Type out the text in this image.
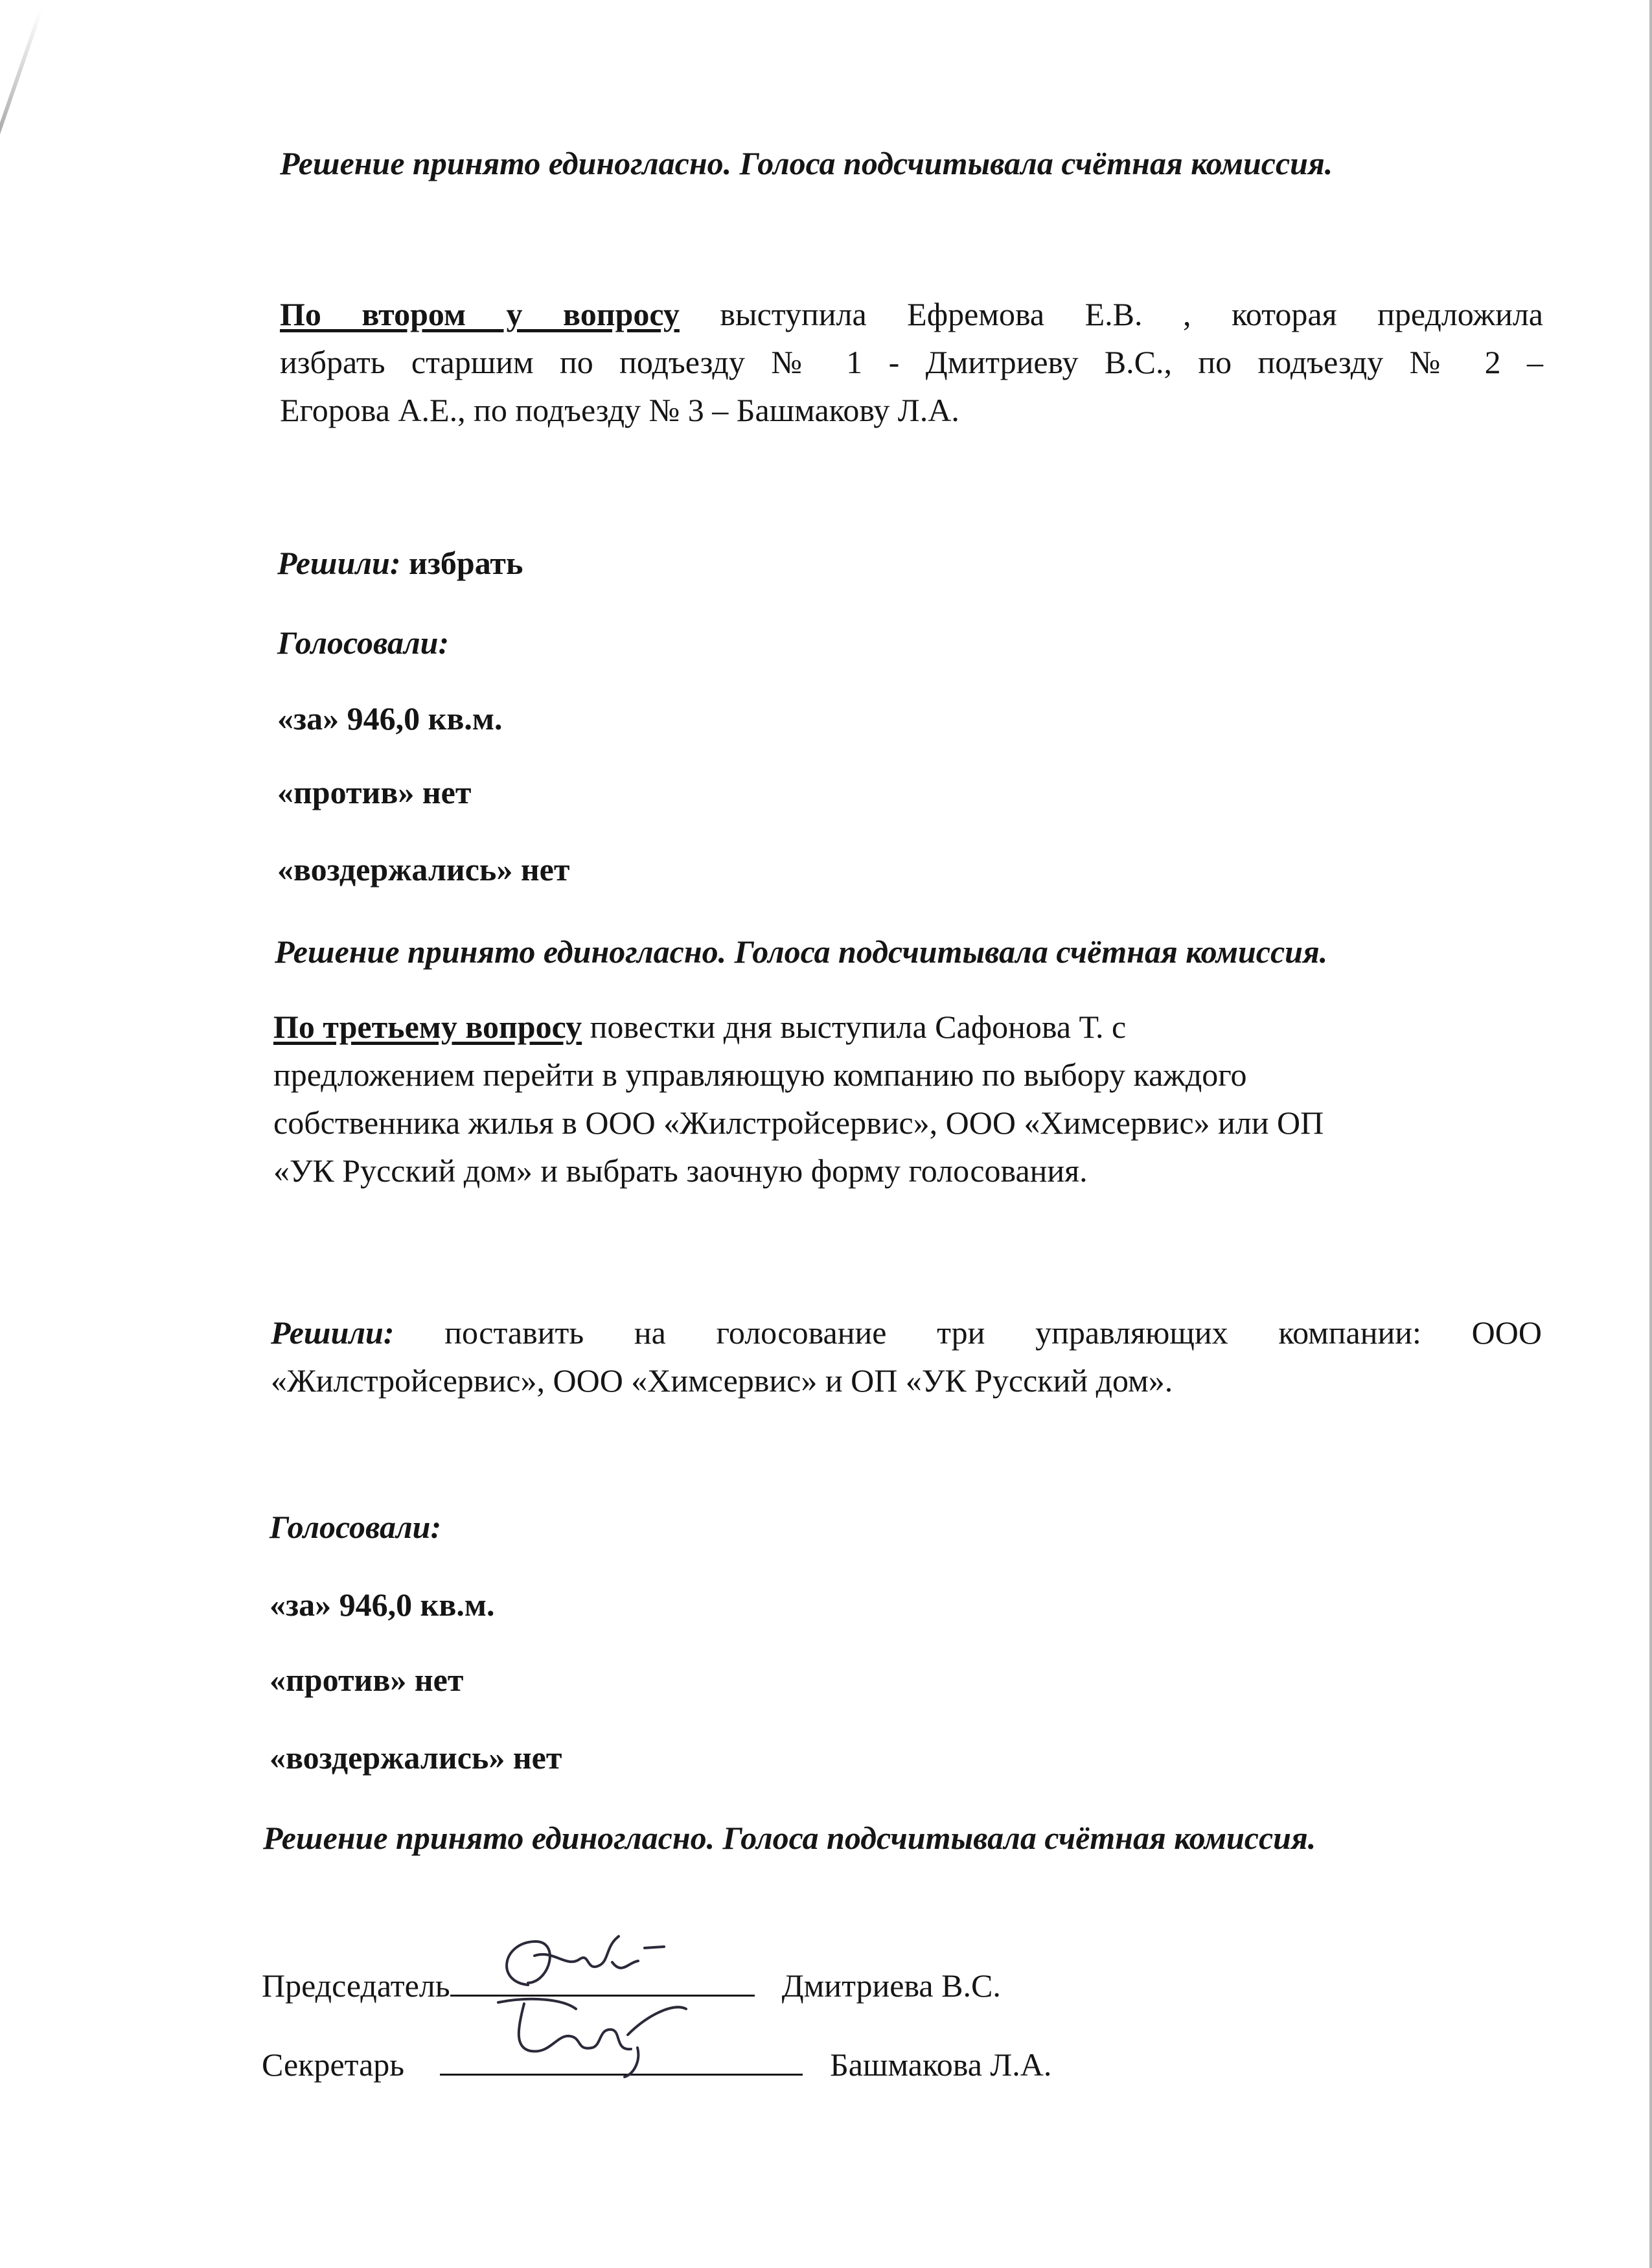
Решение принято единогласно. Голоса подсчитывала счётная комиссия.

По втором у вопросу выступила Ефремова Е.В. , которая предложила
избрать старшим по подъезду № 1 - Дмитриеву В.С., по подъезду № 2 –
Егорова А.Е., по подъезду № 3 – Башмакову Л.А.

Решили: избрать

Голосовали:

«за» 946,0 кв.м.

«против» нет

«воздержались» нет

Решение принято единогласно. Голоса подсчитывала счётная комиссия.

По третьему вопросу повестки дня выступила Сафонова Т. с
предложением перейти в управляющую компанию по выбору каждого
собственника жилья в ООО «Жилстройсервис», ООО «Химсервис» или ОП
«УК Русский дом» и выбрать заочную форму голосования.
Решили: поставить на голосование три управляющих компании: ООО
«Жилстройсервис», ООО «Химсервис» и ОП «УК Русский дом».

Голосовали:

«за» 946,0 кв.м.

«против» нет

«воздержались» нет

Решение принято единогласно. Голоса подсчитывала счётная комиссия.

Председатель	Дмитриева В.С.
Секретарь	Башмакова Л.А.
